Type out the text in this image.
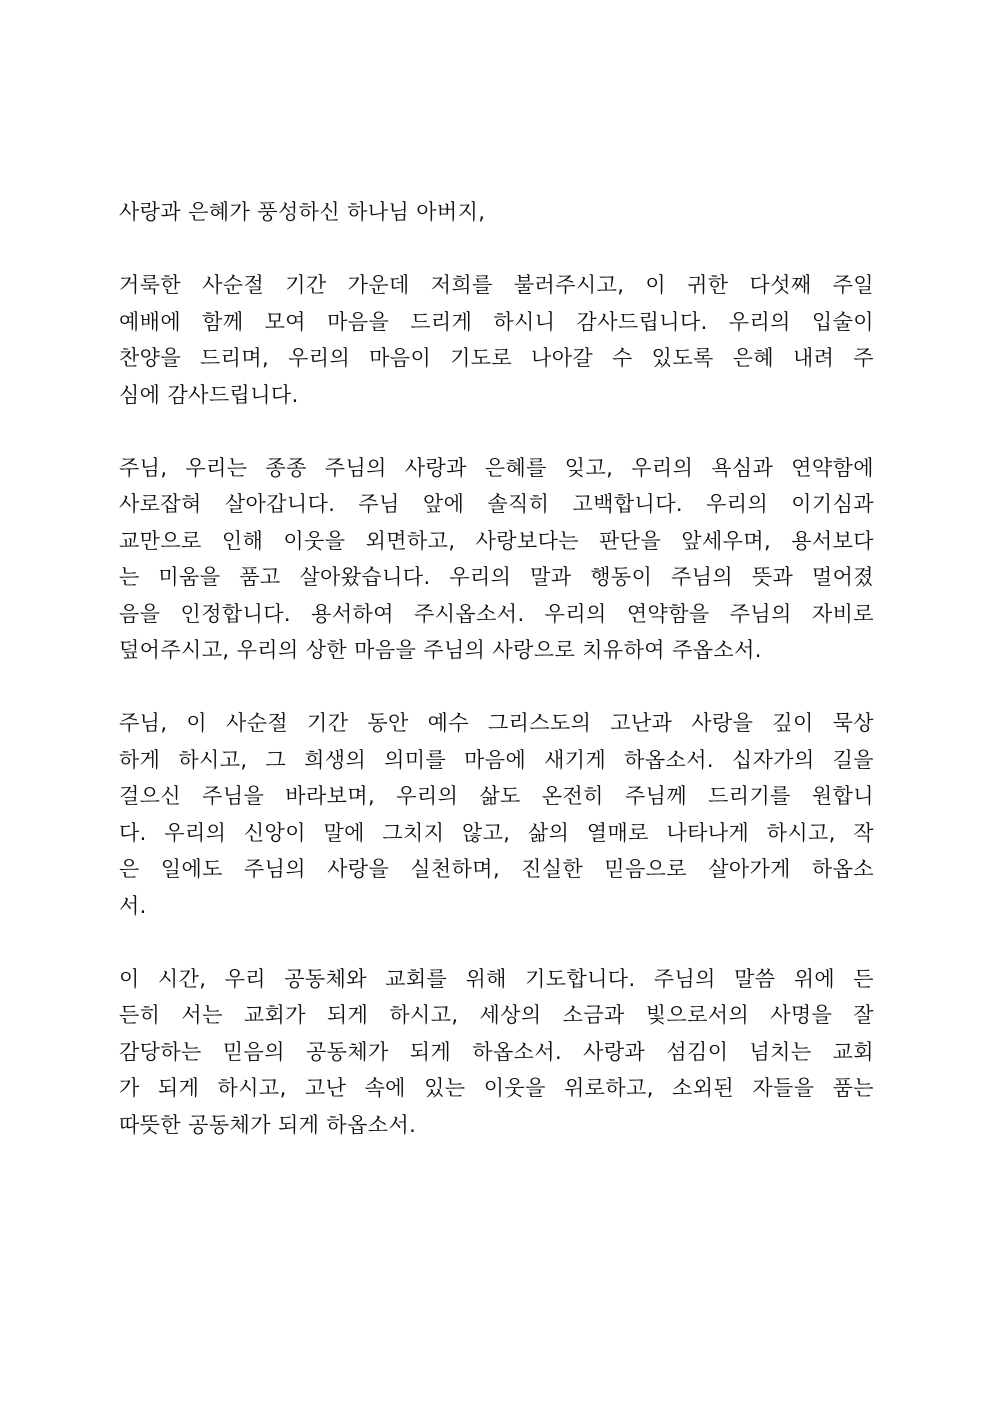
사랑과 은혜가 풍성하신 하나님 아버지,
거룩한 사순절 기간 가운데 저희를 불러주시고, 이 귀한 다섯째 주일
예배에 함께 모여 마음을 드리게 하시니 감사드립니다. 우리의 입술이
찬양을 드리며, 우리의 마음이 기도로 나아갈 수 있도록 은혜 내려 주
심에 감사드립니다.
주님, 우리는 종종 주님의 사랑과 은혜를 잊고, 우리의 욕심과 연약함에
사로잡혀 살아갑니다. 주님 앞에 솔직히 고백합니다. 우리의 이기심과
교만으로 인해 이웃을 외면하고, 사랑보다는 판단을 앞세우며, 용서보다
는 미움을 품고 살아왔습니다. 우리의 말과 행동이 주님의 뜻과 멀어졌
음을 인정합니다. 용서하여 주시옵소서. 우리의 연약함을 주님의 자비로
덮어주시고, 우리의 상한 마음을 주님의 사랑으로 치유하여 주옵소서.
주님, 이 사순절 기간 동안 예수 그리스도의 고난과 사랑을 깊이 묵상
하게 하시고, 그 희생의 의미를 마음에 새기게 하옵소서. 십자가의 길을
걸으신 주님을 바라보며, 우리의 삶도 온전히 주님께 드리기를 원합니
다. 우리의 신앙이 말에 그치지 않고, 삶의 열매로 나타나게 하시고, 작
은 일에도 주님의 사랑을 실천하며, 진실한 믿음으로 살아가게 하옵소
서.
이 시간, 우리 공동체와 교회를 위해 기도합니다. 주님의 말씀 위에 든
든히 서는 교회가 되게 하시고, 세상의 소금과 빛으로서의 사명을 잘
감당하는 믿음의 공동체가 되게 하옵소서. 사랑과 섬김이 넘치는 교회
가 되게 하시고, 고난 속에 있는 이웃을 위로하고, 소외된 자들을 품는
따뜻한 공동체가 되게 하옵소서.
